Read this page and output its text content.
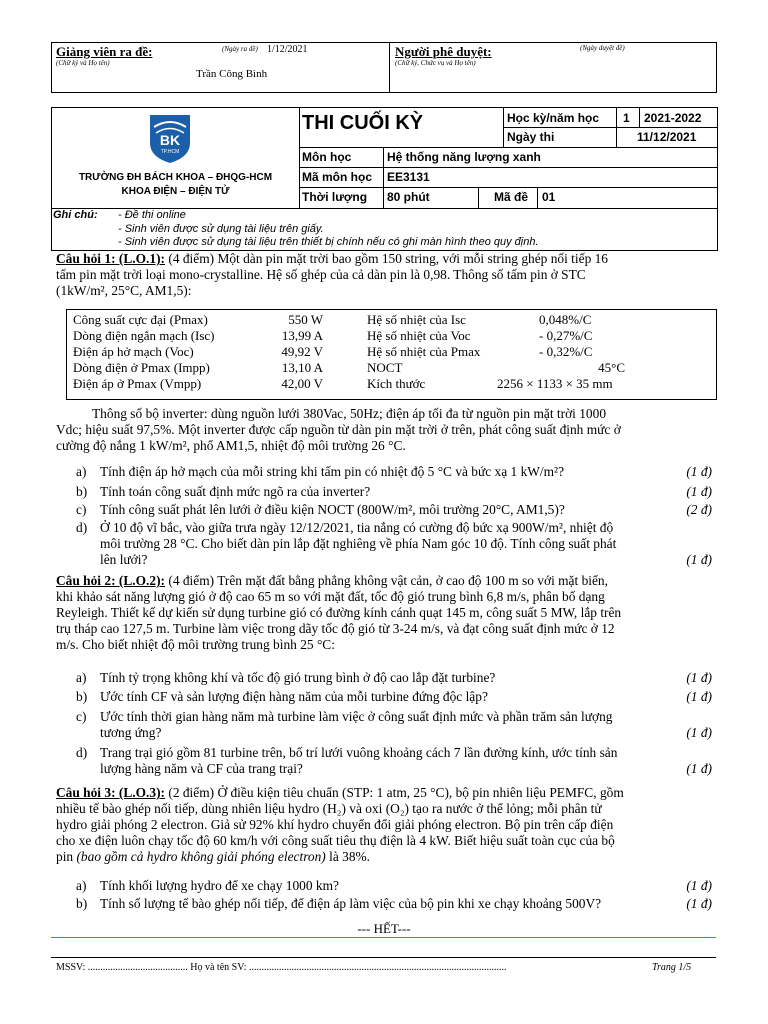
Giảng viên ra đề:	(Ngày ra đề) 1/12/2021
(Chữ ký và Họ tên)
Trần Công Bình
Người phê duyệt:	(Ngày duyệt đề)
(Chữ ký, Chức vụ và Họ tên)
BK
TP.HCM
TRƯỜNG ĐH BÁCH KHOA – ĐHQG-HCM
KHOA ĐIỆN – ĐIỆN TỬ
THI CUỐI KỲ	Học kỳ/năm học 1 2021-2022
Ngày thi	11/12/2021
Môn học	Hệ thống năng lượng xanh
Mã môn học EE3131
Thời lượng 80 phút	Mã đề 01
Ghi chú: - Đề thi online
- Sinh viên được sử dụng tài liệu trên giấy.
- Sinh viên được sử dụng tài liệu trên thiết bị chính nếu có ghi màn hình theo quy định.
Câu hỏi 1: (L.O.1): (4 điểm) Một dàn pin mặt trời bao gồm 150 string, với mỗi string ghép nối tiếp 16
tấm pin mặt trời loại mono-crystalline. Hệ số ghép của cả dàn pin là 0,98. Thông số tấm pin ở STC
(1kW/m², 25°C, AM1,5):
Công suất cực đại (Pmax)	550 W	Hệ số nhiệt của Isc	0,048%/C
Dòng điện ngắn mạch (Isc)	13,99 A	Hệ số nhiệt của Voc	- 0,27%/C
Điện áp hở mạch (Voc)	49,92 V	Hệ số nhiệt của Pmax	- 0,32%/C
Dòng điện ở Pmax (Impp)	13,10 A	NOCT	45°C
Điện áp ở Pmax (Vmpp)	42,00 V	Kích thước	2256 × 1133 × 35 mm
Thông số bộ inverter: dùng nguồn lưới 380Vac, 50Hz; điện áp tối đa từ nguồn pin mặt trời 1000
Vdc; hiệu suất 97,5%. Một inverter được cấp nguồn từ dàn pin mặt trời ở trên, phát công suất định mức ở
cường độ nắng 1 kW/m², phổ AM1,5, nhiệt độ môi trường 26 °C.
a) Tính điện áp hở mạch của mỗi string khi tấm pin có nhiệt độ 5 °C và bức xạ 1 kW/m²?	(1 đ)
b) Tính toán công suất định mức ngõ ra của inverter?	(1 đ)
c) Tính công suất phát lên lưới ở điều kiện NOCT (800W/m², môi trường 20°C, AM1,5)?	(2 đ)
d) Ở 10 độ vĩ bắc, vào giữa trưa ngày 12/12/2021, tia nắng có cường độ bức xạ 900W/m², nhiệt độ
môi trường 28 °C. Cho biết dàn pin lắp đặt nghiêng về phía Nam góc 10 độ. Tính công suất phát
lên lưới?	(1 đ)
Câu hỏi 2: (L.O.2): (4 điểm) Trên mặt đất bằng phẳng không vật cản, ở cao độ 100 m so với mặt biển,
khi khảo sát năng lượng gió ở độ cao 65 m so với mặt đất, tốc độ gió trung bình 6,8 m/s, phân bố dạng
Reyleigh. Thiết kế dự kiến sử dụng turbine gió có đường kính cánh quạt 145 m, công suất 5 MW, lắp trên
trụ tháp cao 127,5 m. Turbine làm việc trong dãy tốc độ gió từ 3-24 m/s, và đạt công suất định mức ở 12
m/s. Cho biết nhiệt độ môi trường trung bình 25 °C:
a) Tính tỷ trọng không khí và tốc độ gió trung bình ở độ cao lắp đặt turbine?	(1 đ)
b) Ước tính CF và sản lượng điện hàng năm của mỗi turbine đứng độc lập?	(1 đ)
c) Ước tính thời gian hàng năm mà turbine làm việc ở công suất định mức và phần trăm sản lượng
tương ứng?	(1 đ)
d) Trang trại gió gồm 81 turbine trên, bố trí lưới vuông khoảng cách 7 lần đường kính, ước tính sản
lượng hàng năm và CF của trang trại?	(1 đ)
Câu hỏi 3: (L.O.3): (2 điểm) Ở điều kiện tiêu chuẩn (STP: 1 atm, 25 °C), bộ pin nhiên liệu PEMFC, gồm
nhiều tế bào ghép nối tiếp, dùng nhiên liệu hydro (H₂) và oxi (O₂) tạo ra nước ở thể lỏng; mỗi phân tử
hydro giải phóng 2 electron. Giả sử 92% khí hydro chuyển đổi giải phóng electron. Bộ pin trên cấp điện
cho xe điện luôn chạy tốc độ 60 km/h với công suất tiêu thụ điện là 4 kW. Biết hiệu suất toàn cục của bộ
pin (bao gồm cả hydro không giải phóng electron) là 38%.
a) Tính khối lượng hydro để xe chạy 1000 km?	(1 đ)
b) Tính số lượng tế bào ghép nối tiếp, để điện áp làm việc của bộ pin khi xe chạy khoảng 500V?	(1 đ)
--- HẾT---
MSSV: ........................................ Họ và tên SV: .......................................................................................................	Trang 1/5
